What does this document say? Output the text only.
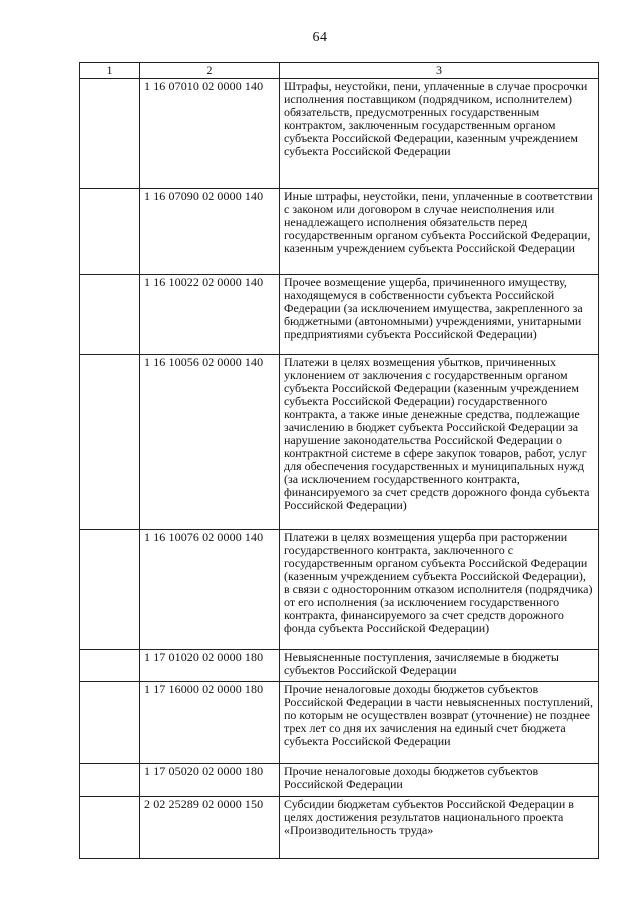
64
1	2	3
	1 16 07010 02 0000 140	Штрафы, неустойки, пени, уплаченные в случае просрочки исполнения поставщиком (подрядчиком, исполнителем) обязательств, предусмотренных государственным контрактом, заключенным государственным органом субъекта Российской Федерации, казенным учреждением субъекта Российской Федерации
	1 16 07090 02 0000 140	Иные штрафы, неустойки, пени, уплаченные в соответствии с законом или договором в случае неисполнения или ненадлежащего исполнения обязательств перед государственным органом субъекта Российской Федерации, казенным учреждением субъекта Российской Федерации
	1 16 10022 02 0000 140	Прочее возмещение ущерба, причиненного имуществу, находящемуся в собственности субъекта Российской Федерации (за исключением имущества, закрепленного за бюджетными (автономными) учреждениями, унитарными предприятиями субъекта Российской Федерации)
	1 16 10056 02 0000 140	Платежи в целях возмещения убытков, причиненных уклонением от заключения с государственным органом субъекта Российской Федерации (казенным учреждением субъекта Российской Федерации) государственного контракта, а также иные денежные средства, подлежащие зачислению в бюджет субъекта Российской Федерации за нарушение законодательства Российской Федерации о контрактной системе в сфере закупок товаров, работ, услуг для обеспечения государственных и муниципальных нужд (за исключением государственного контракта, финансируемого за счет средств дорожного фонда субъекта Российской Федерации)
	1 16 10076 02 0000 140	Платежи в целях возмещения ущерба при расторжении государственного контракта, заключенного с государственным органом субъекта Российской Федерации (казенным учреждением субъекта Российской Федерации), в связи с односторонним отказом исполнителя (подрядчика) от его исполнения (за исключением государственного контракта, финансируемого за счет средств дорожного фонда субъекта Российской Федерации)
	1 17 01020 02 0000 180	Невыясненные поступления, зачисляемые в бюджеты субъектов Российской Федерации
	1 17 16000 02 0000 180	Прочие неналоговые доходы бюджетов субъектов Российской Федерации в части невыясненных поступлений, по которым не осуществлен возврат (уточнение) не позднее трех лет со дня их зачисления на единый счет бюджета субъекта Российской Федерации
	1 17 05020 02 0000 180	Прочие неналоговые доходы бюджетов субъектов Российской Федерации
	2 02 25289 02 0000 150	Субсидии бюджетам субъектов Российской Федерации в целях достижения результатов национального проекта «Производительность труда»
